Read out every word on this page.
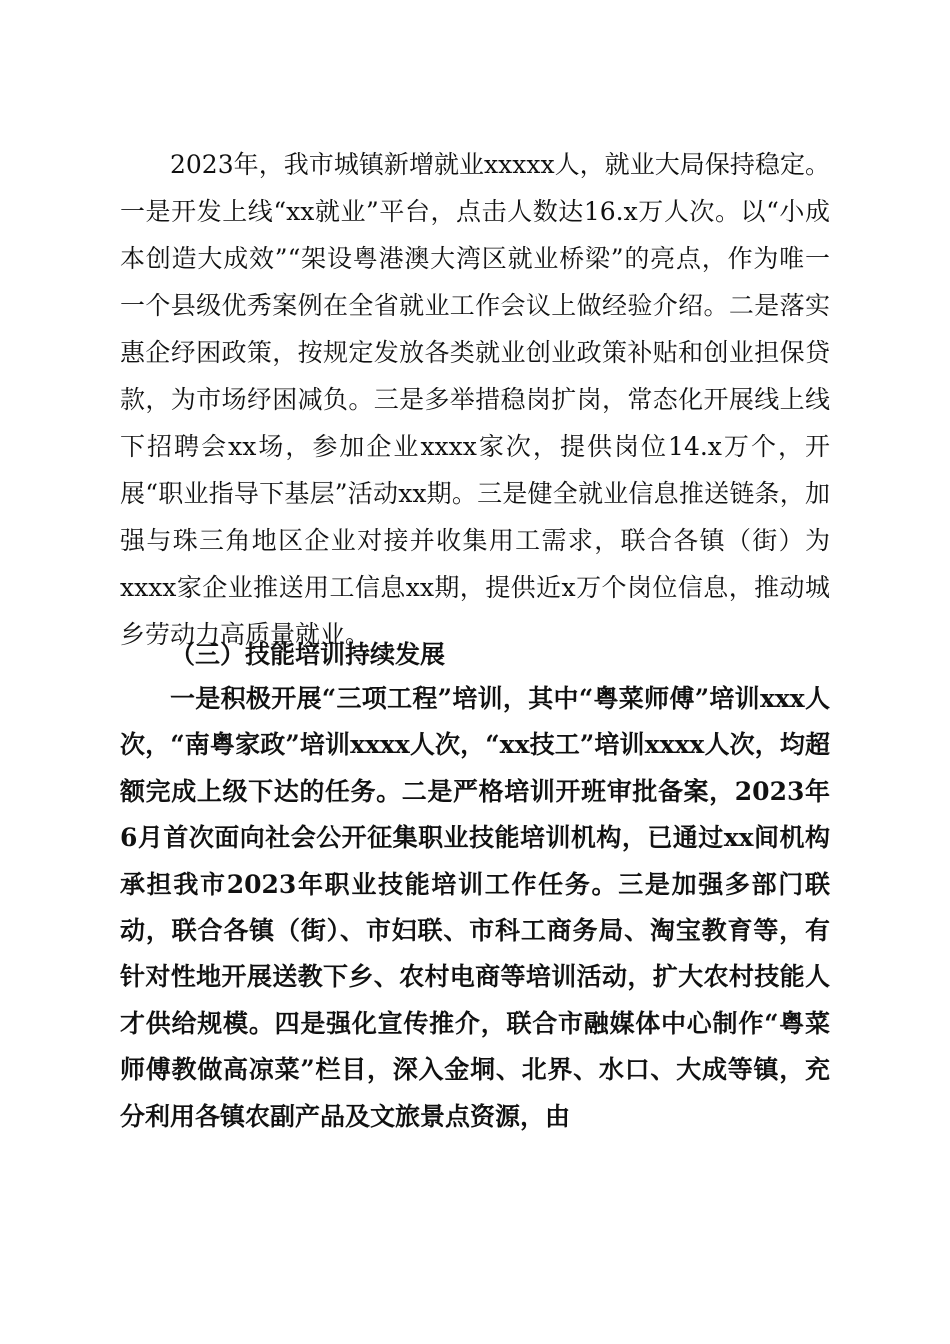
2023年，我市城镇新增就业xxxxx人，就业大局保持稳定。一是开发上线“xx就业”平台，点击人数达16.x万人次。以“小成本创造大成效”“架设粤港澳大湾区就业桥梁”的亮点，作为唯一一个县级优秀案例在全省就业工作会议上做经验介绍。二是落实惠企纾困政策，按规定发放各类就业创业政策补贴和创业担保贷款，为市场纾困减负。三是多举措稳岗扩岗，常态化开展线上线下招聘会xx场，参加企业xxxx家次，提供岗位14.x万个，开展“职业指导下基层”活动xx期。三是健全就业信息推送链条，加强与珠三角地区企业对接并收集用工需求，联合各镇（街）为xxxx家企业推送用工信息xx期，提供近x万个岗位信息，推动城乡劳动力高质量就业。

（三）技能培训持续发展

一是积极开展“三项工程”培训，其中“粤菜师傅”培训xxx人次，“南粤家政”培训xxxx人次，“xx技工”培训xxxx人次，均超额完成上级下达的任务。二是严格培训开班审批备案，2023年6月首次面向社会公开征集职业技能培训机构，已通过xx间机构承担我市2023年职业技能培训工作任务。三是加强多部门联动，联合各镇（街）、市妇联、市科工商务局、淘宝教育等，有针对性地开展送教下乡、农村电商等培训活动，扩大农村技能人才供给规模。四是强化宣传推介，联合市融媒体中心制作“粤菜师傅教做高凉菜”栏目，深入金垌、北界、水口、大成等镇，充分利用各镇农副产品及文旅景点资源，由
